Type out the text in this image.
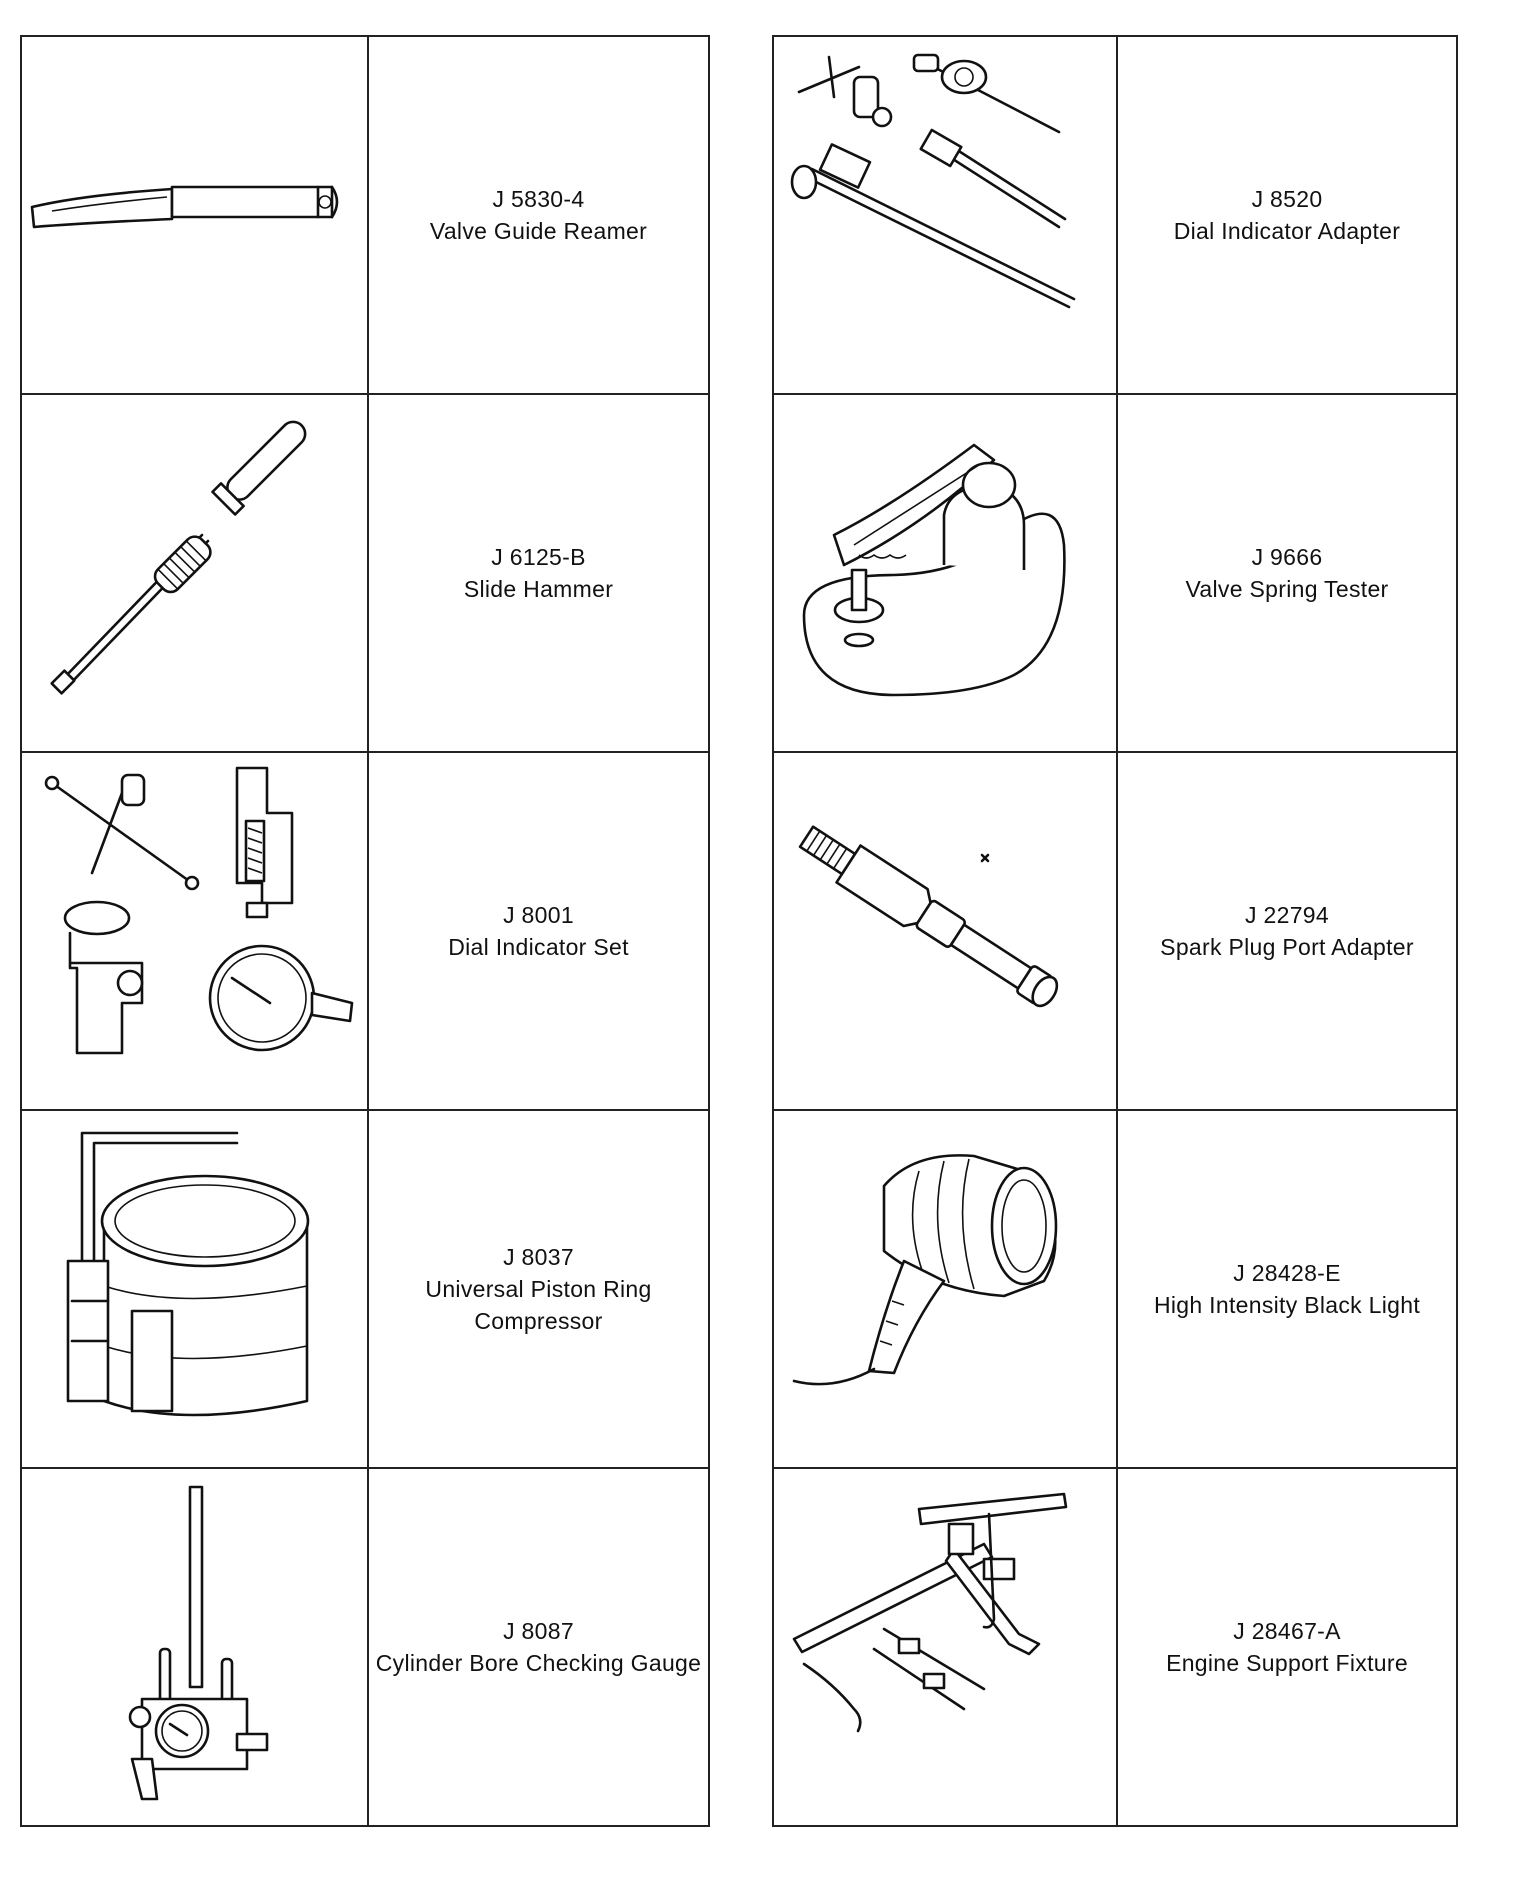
J 5830-4
Valve Guide Reamer

J 6125-B
Slide Hammer

J 8001
Dial Indicator Set

J 8037
Universal Piston Ring Compressor

J 8087
Cylinder Bore Checking Gauge

J 8520
Dial Indicator Adapter

J 9666
Valve Spring Tester

J 22794
Spark Plug Port Adapter

J 28428-E
High Intensity Black Light

J 28467-A
Engine Support Fixture
